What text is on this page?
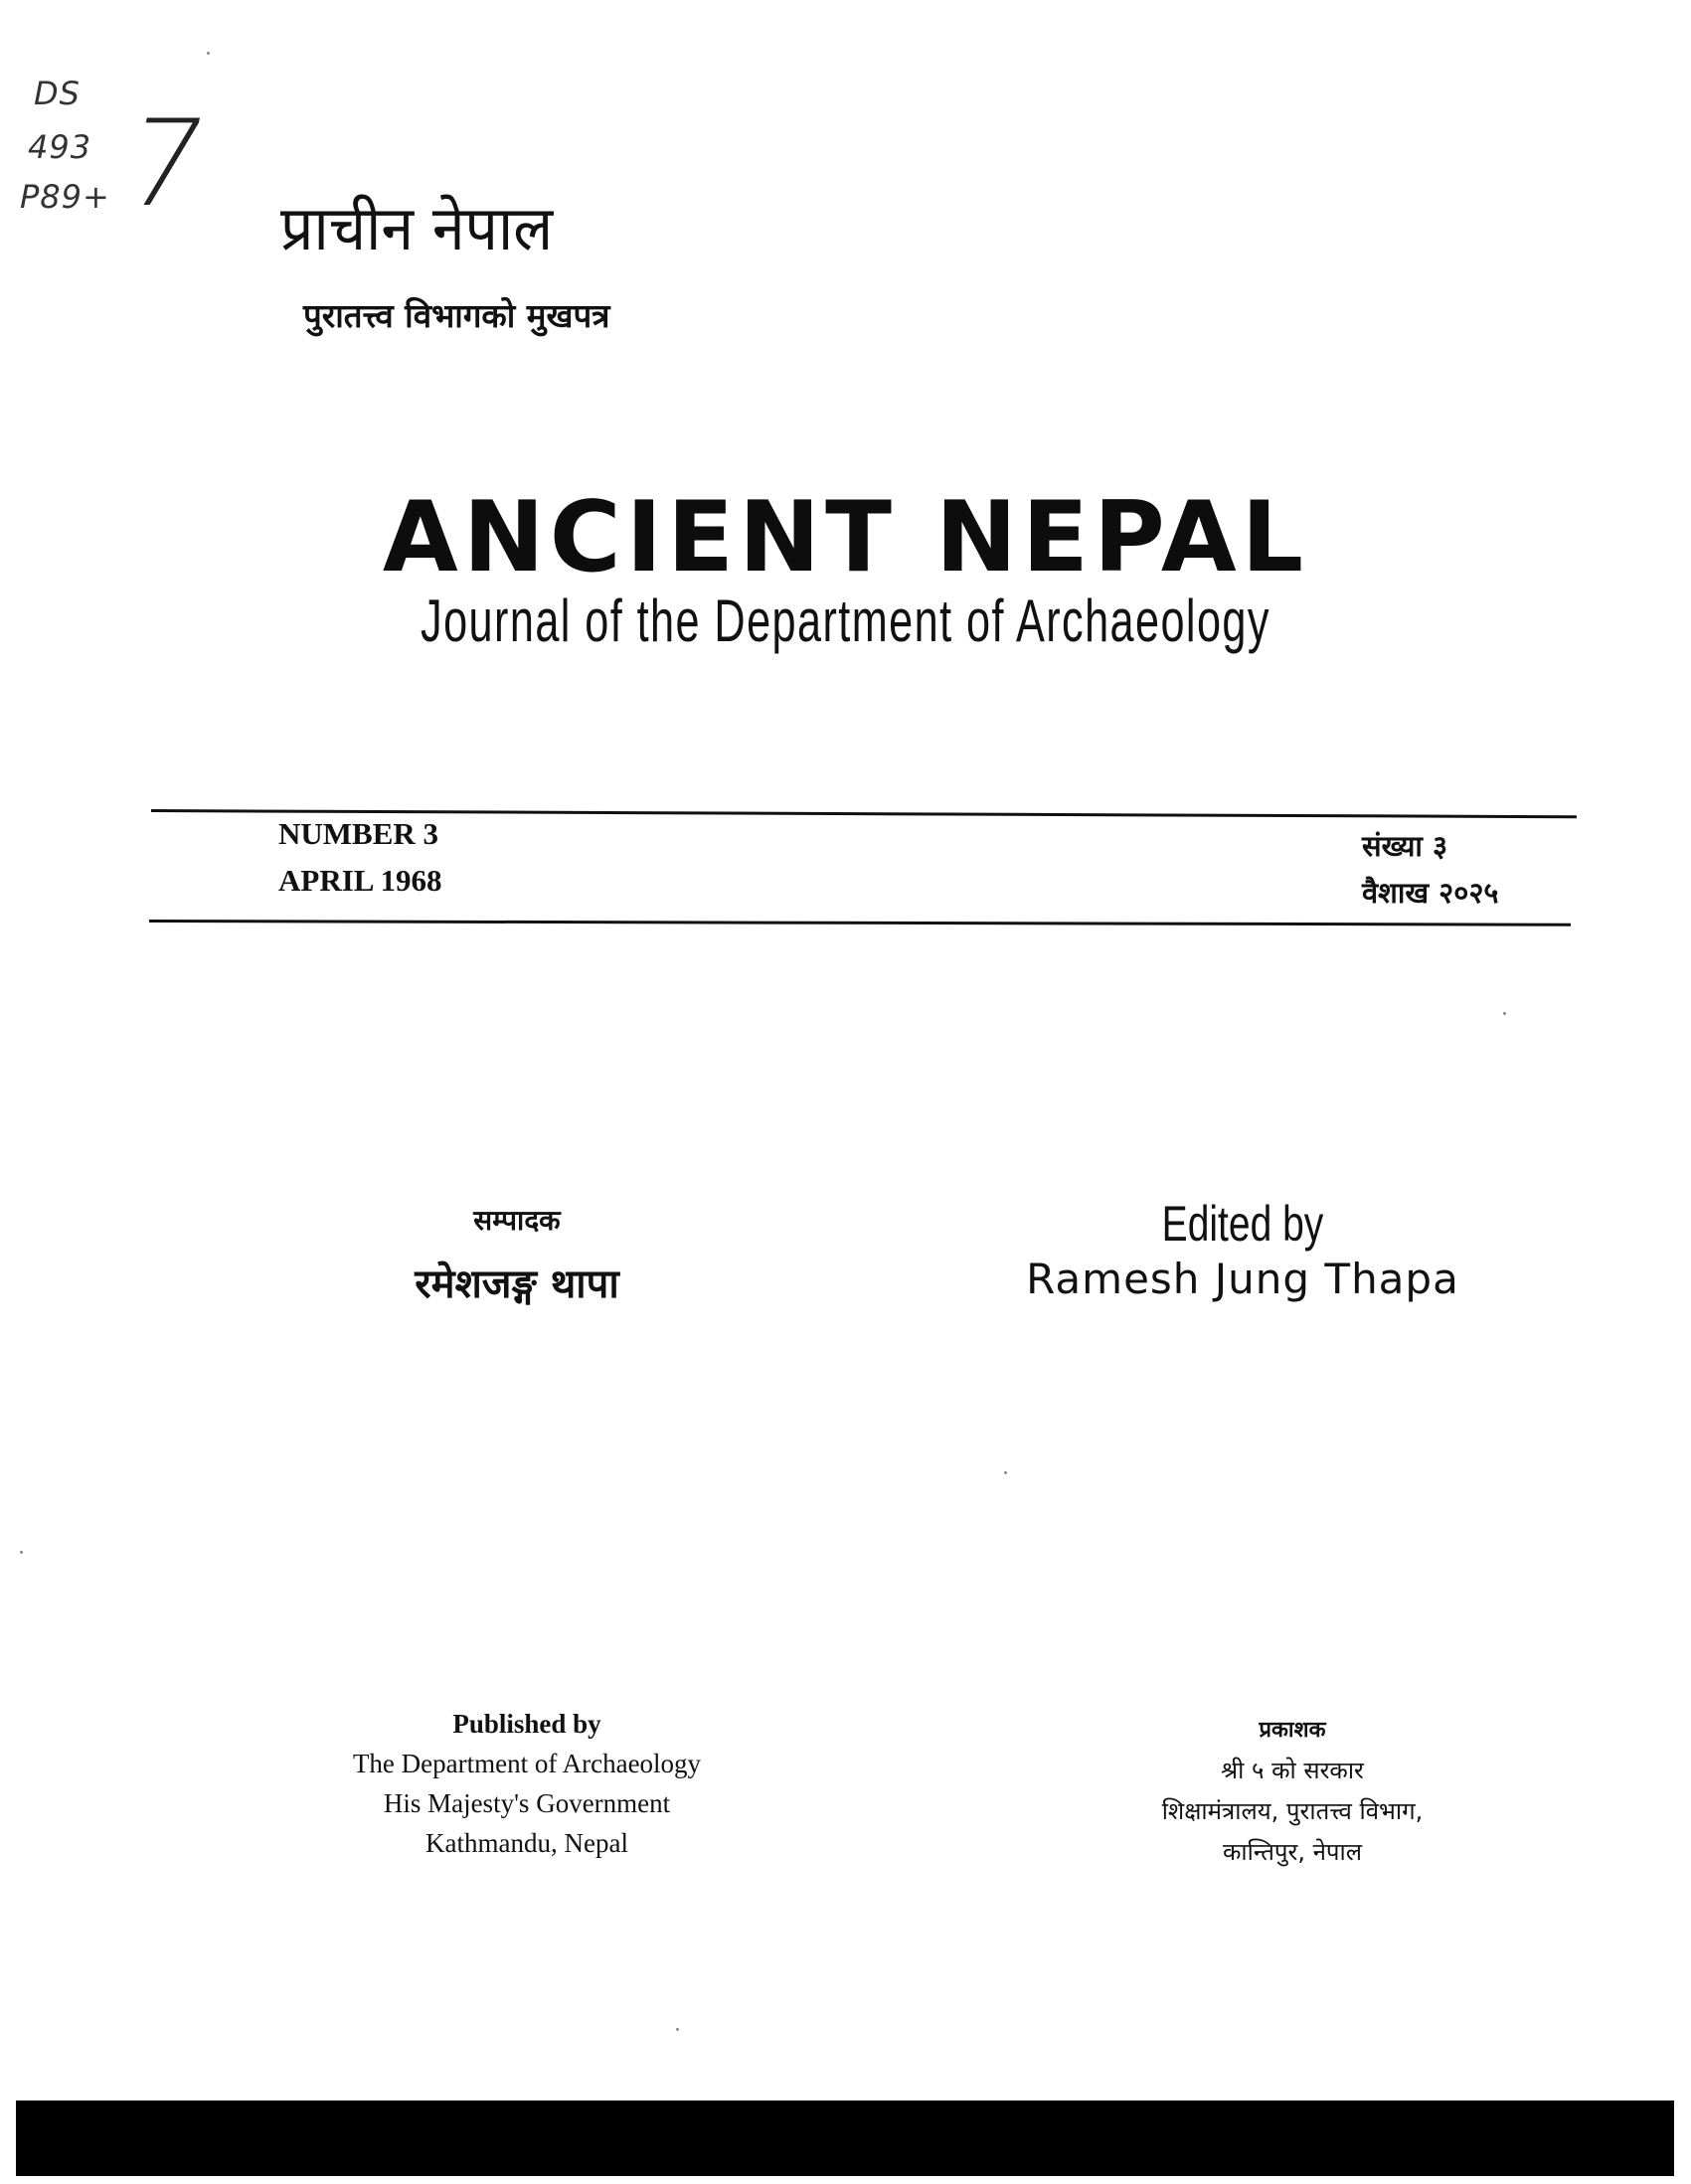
DS
493
P89+ 7 प्राचीन नेपाल
पुरातत्त्व विभागको मुखपत्र
ANCIENT NEPAL
Journal of the Department of Archaeology
NUMBER 3
APRIL 1968
संख्या ३
वैशाख २०२५
सम्पादक
रमेशजङ्ग थापा
Edited by
Ramesh Jung Thapa
Published by
The Department of Archaeology
His Majesty's Government
Kathmandu, Nepal
प्रकाशक
श्री ५ को सरकार
शिक्षामंत्रालय, पुरातत्त्व विभाग,
कान्तिपुर, नेपाल
